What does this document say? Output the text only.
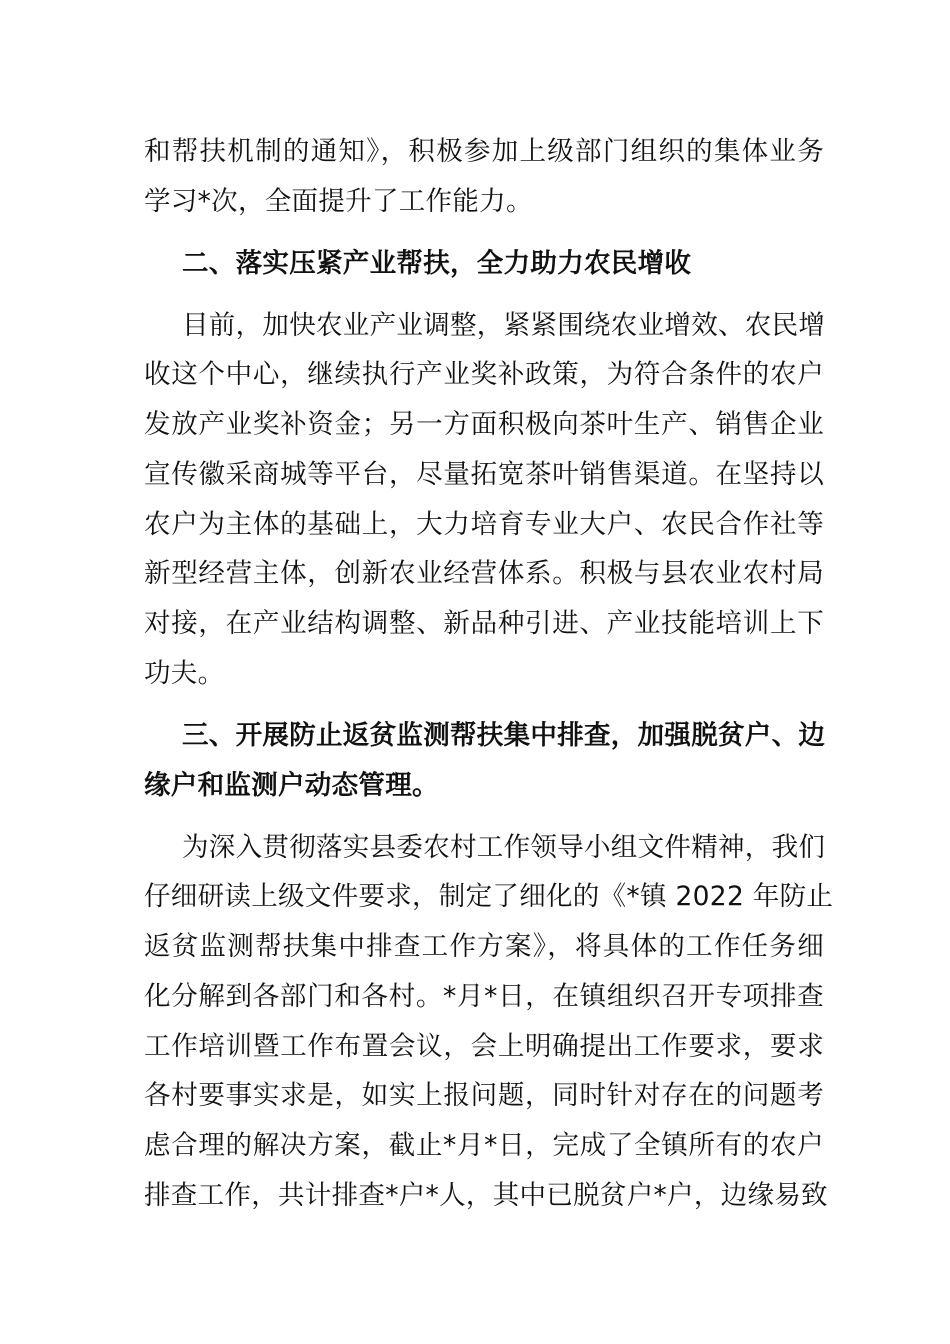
和帮扶机制的通知》，积极参加上级部门组织的集体业务
学习*次，全面提升了工作能力。
二、落实压紧产业帮扶，全力助力农民增收
目前，加快农业产业调整，紧紧围绕农业增效、农民增
收这个中心，继续执行产业奖补政策，为符合条件的农户
发放产业奖补资金；另一方面积极向茶叶生产、销售企业
宣传徽采商城等平台，尽量拓宽茶叶销售渠道。在坚持以
农户为主体的基础上，大力培育专业大户、农民合作社等
新型经营主体，创新农业经营体系。积极与县农业农村局
对接，在产业结构调整、新品种引进、产业技能培训上下
功夫。
三、开展防止返贫监测帮扶集中排查，加强脱贫户、边
缘户和监测户动态管理。
为深入贯彻落实县委农村工作领导小组文件精神，我们
仔细研读上级文件要求，制定了细化的《*镇 2022 年防止
返贫监测帮扶集中排查工作方案》，将具体的工作任务细
化分解到各部门和各村。*月*日，在镇组织召开专项排查
工作培训暨工作布置会议，会上明确提出工作要求，要求
各村要事实求是，如实上报问题，同时针对存在的问题考
虑合理的解决方案，截止*月*日，完成了全镇所有的农户
排查工作，共计排查*户*人，其中已脱贫户*户，边缘易致
